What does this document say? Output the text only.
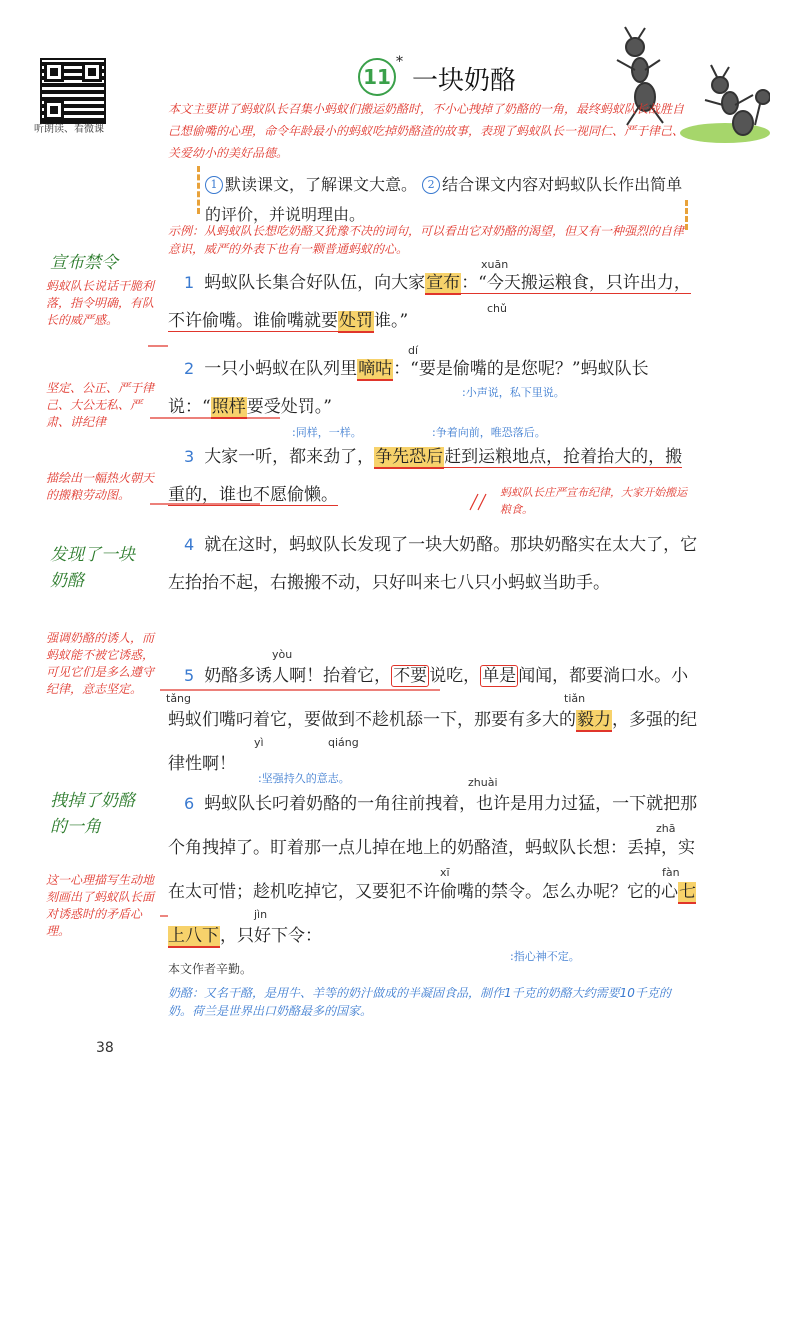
听朗读、看微课
11
*
一块奶酪
本文主要讲了蚂蚁队长召集小蚂蚁们搬运奶酪时，不小心拽掉了奶酪的一角，最终蚂蚁队长战胜自己想偷嘴的心理，命令年龄最小的蚂蚁吃掉奶酪渣的故事，表现了蚂蚁队长一视同仁、严于律己、关爱幼小的美好品德。
1 默读课文，了解课文大意。 2 结合课文内容对蚂蚁队长作出简单的评价，并说明理由。
示例：从蚂蚁队长想吃奶酪又犹豫不决的词句，可以看出它对奶酪的渴望，但又有一种强烈的自律意识，威严的外表下也有一颗普通蚂蚁的心。
宣布禁令
蚂蚁队长说话干脆利落，指令明确，有队长的威严感。
坚定、公正、严于律己、大公无私、严肃、讲纪律
描绘出一幅热火朝天的搬粮劳动图。
发现了一块奶酪
强调奶酪的诱人，而蚂蚁能不被它诱惑，可见它们是多么遵守纪律，意志坚定。
拽掉了奶酪的一角
这一心理描写生动地刻画出了蚂蚁队长面对诱惑时的矛盾心理。
xuān
chǔ
1 蚂蚁队长集合好队伍，向大家宣布：“今天搬运粮食，只许出力，不许偷嘴。谁偷嘴就要处罚谁。”
dí
2 一只小蚂蚁在队列里嘀咕：“要是偷嘴的是您呢？”蚂蚁队长说：“照样要受处罚。”
:小声说，私下里说。
:同样，一样。	:争着向前，唯恐落后。
3 大家一听，都来劲了，争先恐后赶到运粮地点，抢着抬大的，搬重的，谁也不愿偷懒。	蚂蚁队长庄严宣布纪律，大家开始搬运粮食。
4 就在这时，蚂蚁队长发现了一块大奶酪。那块奶酪实在太大了，它左抬抬不起，右搬搬不动，只好叫来七八只小蚂蚁当助手。
yòu
tǎng	tiǎn
yì	qiáng
5 奶酪多诱人啊！抬着它， 不要 说吃， 单是 闻闻，都要淌口水。小蚂蚁们嘴叼着它，要做到不趁机舔一下，那要有多大的毅力，多强的纪律性啊！
:坚强持久的意志。	zhuài
zhā
xī	fàn
jìn
6 蚂蚁队长叼着奶酪的一角往前拽着，也许是用力过猛，一下就把那个角拽掉了。盯着那一点儿掉在地上的奶酪渣，蚂蚁队长想：丢掉，实在太可惜；趁机吃掉它，又要犯不许偷嘴的禁令。怎么办呢？它的心七上八下，只好下令：
:指心神不定。
本文作者辛勤。
奶酪：又名干酪，是用牛、羊等的奶汁做成的半凝固食品，制作1千克的奶酪大约需要10千克的奶。荷兰是世界出口奶酪最多的国家。
38
